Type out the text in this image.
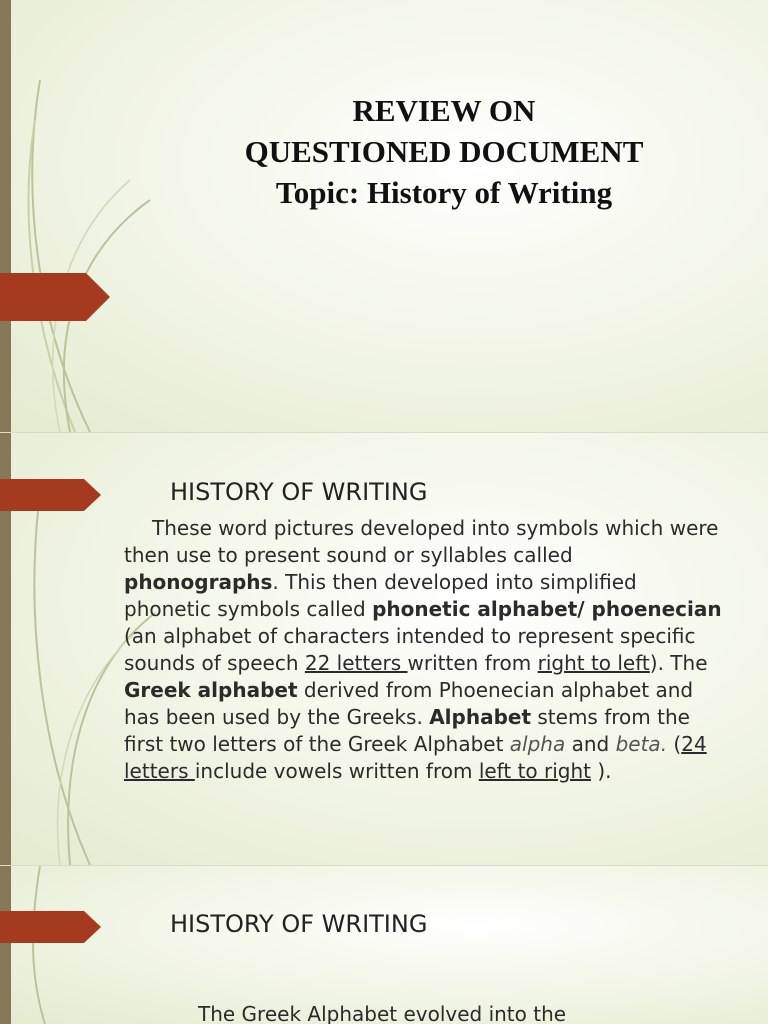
REVIEW ON
QUESTIONED DOCUMENT
Topic: History of Writing
HISTORY OF WRITING
These word pictures developed into symbols which were then use to present sound or syllables called phonographs. This then developed into simplified phonetic symbols called phonetic alphabet/ phoenecian (an alphabet of characters intended to represent specific sounds of speech 22 letters written from right to left). The Greek alphabet derived from Phoenecian alphabet and has been used by the Greeks. Alphabet stems from the first two letters of the Greek Alphabet alpha and beta. (24 letters include vowels written from left to right ).
HISTORY OF WRITING
The Greek Alphabet evolved into the
